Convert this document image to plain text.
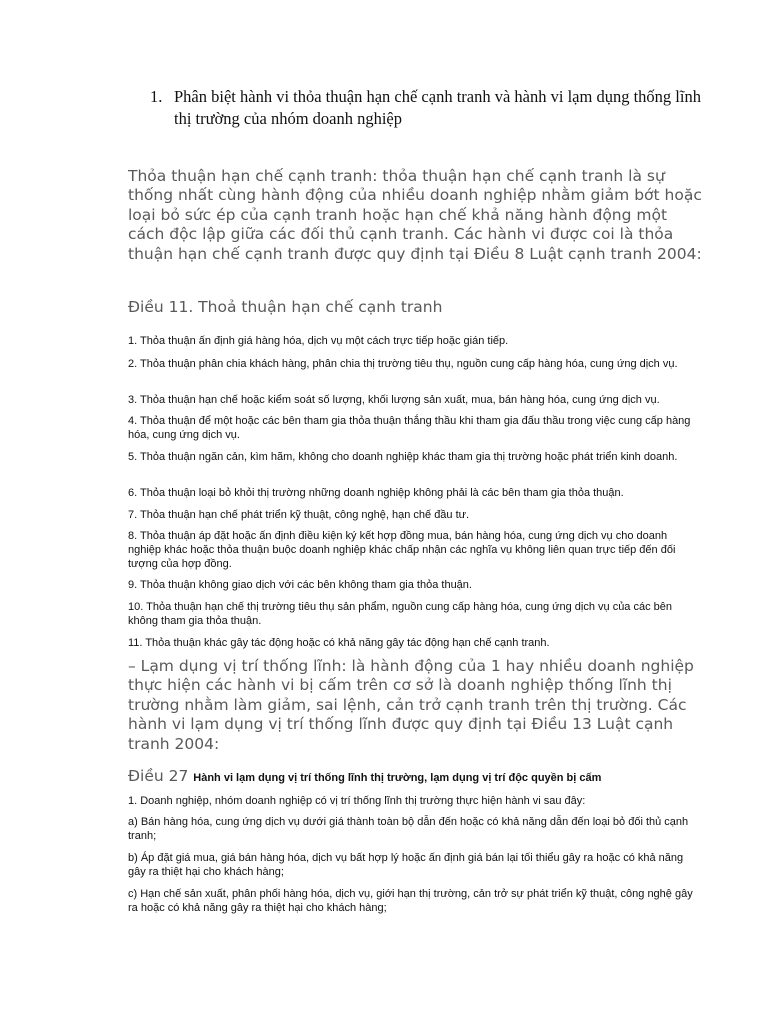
1. Phân biệt hành vi thỏa thuận hạn chế cạnh tranh và hành vi lạm dụng thống lĩnh thị trường của nhóm doanh nghiệp

Thỏa thuận hạn chế cạnh tranh: thỏa thuận hạn chế cạnh tranh là sự thống nhất cùng hành động của nhiều doanh nghiệp nhằm giảm bớt hoặc loại bỏ sức ép của cạnh tranh hoặc hạn chế khả năng hành động một cách độc lập giữa các đối thủ cạnh tranh. Các hành vi được coi là thỏa thuận hạn chế cạnh tranh được quy định tại Điều 8 Luật cạnh tranh 2004:

Điều 11. Thoả thuận hạn chế cạnh tranh

1. Thỏa thuận ấn định giá hàng hóa, dịch vụ một cách trực tiếp hoặc gián tiếp.

2. Thỏa thuận phân chia khách hàng, phân chia thị trường tiêu thụ, nguồn cung cấp hàng hóa, cung ứng dịch vụ.

3. Thỏa thuận hạn chế hoặc kiểm soát số lượng, khối lượng sản xuất, mua, bán hàng hóa, cung ứng dịch vụ.

4. Thỏa thuận để một hoặc các bên tham gia thỏa thuận thắng thầu khi tham gia đấu thầu trong việc cung cấp hàng hóa, cung ứng dịch vụ.

5. Thỏa thuận ngăn cản, kìm hãm, không cho doanh nghiệp khác tham gia thị trường hoặc phát triển kinh doanh.

6. Thỏa thuận loại bỏ khỏi thị trường những doanh nghiệp không phải là các bên tham gia thỏa thuận.

7. Thỏa thuận hạn chế phát triển kỹ thuật, công nghệ, hạn chế đầu tư.

8. Thỏa thuận áp đặt hoặc ấn định điều kiện ký kết hợp đồng mua, bán hàng hóa, cung ứng dịch vụ cho doanh nghiệp khác hoặc thỏa thuận buộc doanh nghiệp khác chấp nhận các nghĩa vụ không liên quan trực tiếp đến đối tượng của hợp đồng.

9. Thỏa thuận không giao dịch với các bên không tham gia thỏa thuận.

10. Thỏa thuận hạn chế thị trường tiêu thụ sản phẩm, nguồn cung cấp hàng hóa, cung ứng dịch vụ của các bên không tham gia thỏa thuận.

11. Thỏa thuận khác gây tác động hoặc có khả năng gây tác động hạn chế cạnh tranh.

– Lạm dụng vị trí thống lĩnh: là hành động của 1 hay nhiều doanh nghiệp thực hiện các hành vi bị cấm trên cơ sở là doanh nghiệp thống lĩnh thị trường nhằm làm giảm, sai lệnh, cản trở cạnh tranh trên thị trường. Các hành vi lạm dụng vị trí thống lĩnh được quy định tại Điều 13 Luật cạnh tranh 2004:

Điều 27 Hành vi lạm dụng vị trí thống lĩnh thị trường, lạm dụng vị trí độc quyền bị cấm

1. Doanh nghiệp, nhóm doanh nghiệp có vị trí thống lĩnh thị trường thực hiện hành vi sau đây:

a) Bán hàng hóa, cung ứng dịch vụ dưới giá thành toàn bộ dẫn đến hoặc có khả năng dẫn đến loại bỏ đối thủ cạnh tranh;

b) Áp đặt giá mua, giá bán hàng hóa, dịch vụ bất hợp lý hoặc ấn định giá bán lại tối thiểu gây ra hoặc có khả năng gây ra thiệt hại cho khách hàng;

c) Hạn chế sản xuất, phân phối hàng hóa, dịch vụ, giới hạn thị trường, cản trở sự phát triển kỹ thuật, công nghệ gây ra hoặc có khả năng gây ra thiệt hại cho khách hàng;
